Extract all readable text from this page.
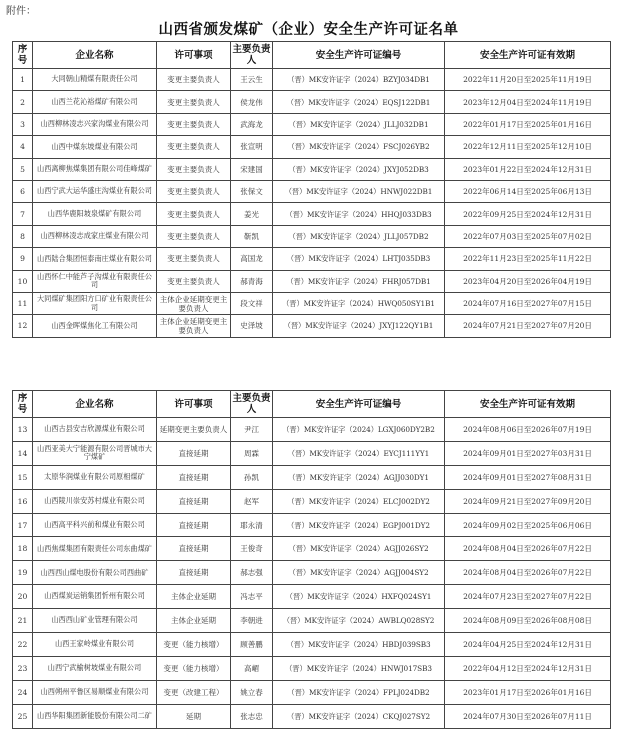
附件：
山西省颁发煤矿（企业）安全生产许可证名单
序号	企业名称	许可事项	主要负责人	安全生产许可证编号	安全生产许可证有效期
1	大同朝山精煤有限责任公司	变更主要负责人	王云生	（晋）MK安许证字（2024）BZYJ034DB1	2022年11月20日至2025年11月19日
2	山西兰花沁裕煤矿有限公司	变更主要负责人	侯龙伟	（晋）MK安许证字（2024）EQSJ122DB1	2023年12月04日至2024年11月19日
3	山西柳林凌志兴家沟煤业有限公司	变更主要负责人	武海龙	（晋）MK安许证字（2024）JLLJ032DB1	2022年01月17日至2025年01月16日
4	山西中煤东坡煤业有限公司	变更主要负责人	张宣明	（晋）MK安许证字（2024）FSCJ026YB2	2022年12月11日至2025年12月10日
5	山西离柳焦煤集团有限公司佳峰煤矿	变更主要负责人	宋建国	（晋）MK安许证字（2024）JXYJ052DB3	2023年01月22日至2024年12月31日
6	山西宁武大运华盛庄沟煤业有限公司	变更主要负责人	张保文	（晋）MK安许证字（2024）HNWJ022DB1	2022年06月14日至2025年06月13日
7	山西华鹿阳坡泉煤矿有限公司	变更主要负责人	姜光	（晋）MK安许证字（2024）HHQJ033DB3	2022年09月25日至2024年12月31日
8	山西柳林凌志成家庄煤业有限公司	变更主要负责人	靳凯	（晋）MK安许证字（2024）JLLJ057DB2	2022年07月03日至2025年07月02日
9	山西陆合集团恒泰南庄煤业有限公司	变更主要负责人	高国龙	（晋）MK安许证字（2024）LHTJ035DB3	2022年11月23日至2025年11月22日
10	山西怀仁中能芦子沟煤业有限责任公司	变更主要负责人	郝青海	（晋）MK安许证字（2024）FHRJ057DB1	2023年04月20日至2026年04月19日
11	大同煤矿集团阳方口矿业有限责任公司	主体企业延期变更主要负责人	段文祥	（晋）MK安许证字（2024）HWQ050SY1B1	2024年07月16日至2027年07月15日
12	山西金晖煤焦化工有限公司	主体企业延期变更主要负责人	史泽坡	（晋）MK安许证字（2024）JXYJ122QY1B1	2024年07月21日至2027年07月20日
序号	企业名称	许可事项	主要负责人	安全生产许可证编号	安全生产许可证有效期
13	山西古县安吉欣源煤业有限公司	延期变更主要负责人	尹江	（晋）MK安许证字（2024）LGXJ060DY2B2	2024年08月06日至2026年07月19日
14	山西亚美大宁能源有限公司晋城市大宁煤矿	直接延期	周霖	（晋）MK安许证字（2024）EYCJ111YY1	2024年09月01日至2027年03月31日
15	太原华润煤业有限公司原相煤矿	直接延期	孙凯	（晋）MK安许证字（2024）AGJJ030DY1	2024年09月01日至2027年08月31日
16	山西陵川崇安苏村煤业有限公司	直接延期	赵军	（晋）MK安许证字（2024）ELCJ002DY2	2024年09月21日至2027年09月20日
17	山西高平科兴前和煤业有限公司	直接延期	耶永清	（晋）MK安许证字（2024）EGPJ001DY2	2024年09月02日至2025年06月06日
18	山西焦煤集团有限责任公司东曲煤矿	直接延期	王俊奇	（晋）MK安许证字（2024）AGJJ026SY2	2024年08月04日至2026年07月22日
19	山西西山煤电股份有限公司西曲矿	直接延期	郝志强	（晋）MK安许证字（2024）AGJJ004SY2	2024年08月04日至2026年07月22日
20	山西煤炭运销集团忻州有限公司	主体企业延期	冯志平	（晋）MK安许证字（2024）HXFQ024SY1	2024年07月23日至2027年07月22日
21	山西西山矿业管理有限公司	主体企业延期	李朝进	（晋）MK安许证字（2024）AWBLQ028SY2	2024年08月09日至2026年08月08日
22	山西王家岭煤业有限公司	变更（能力核增）	顾善鹏	（晋）MK安许证字（2024）HBDJ039SB3	2024年04月25日至2024年12月31日
23	山西宁武榆树坡煤业有限公司	变更（能力核增）	高嵋	（晋）MK安许证字（2024）HNWJ017SB3	2022年04月12日至2024年12月31日
24	山西朔州平鲁区易顺煤业有限公司	变更（改建工程）	姚立春	（晋）MK安许证字（2024）FPLJ024DB2	2023年01月17日至2026年01月16日
25	山西华阳集团新能股份有限公司二矿	延期	张志忠	（晋）MK安许证字（2024）CKQJ027SY2	2024年07月30日至2026年07月11日
